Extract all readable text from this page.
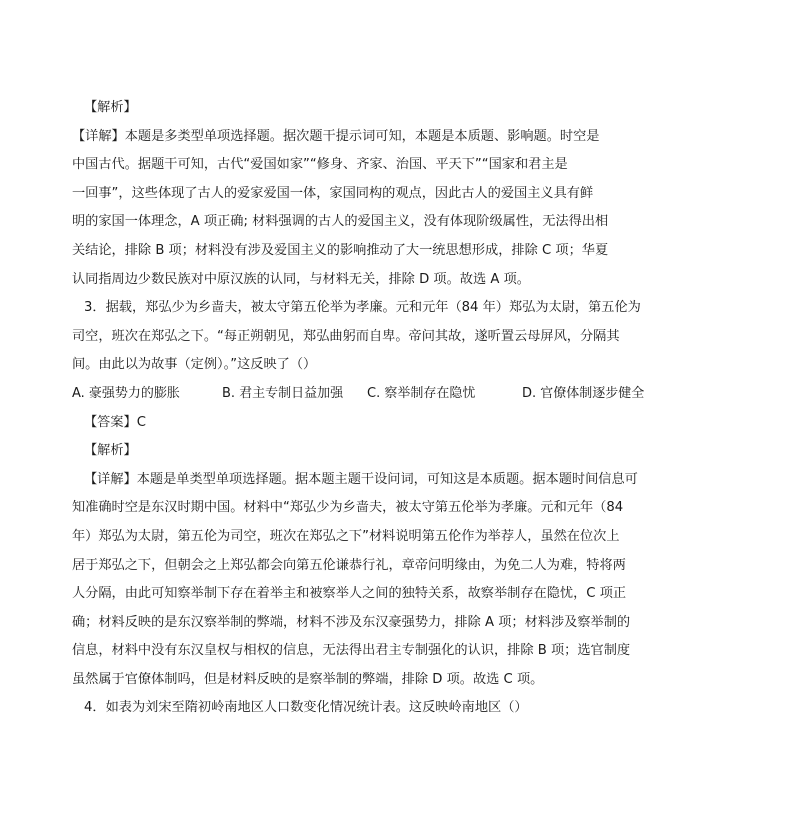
【解析】
【详解】本题是多类型单项选择题。据次题干提示词可知，本题是本质题、影响题。时空是
中国古代。据题干可知，古代“爱国如家”“修身、齐家、治国、平天下”“国家和君主是
一回事”，这些体现了古人的爱家爱国一体，家国同构的观点，因此古人的爱国主义具有鲜
明的家国一体理念，A 项正确; 材料强调的古人的爱国主义，没有体现阶级属性，无法得出相
关结论，排除 B 项；材料没有涉及爱国主义的影响推动了大一统思想形成，排除 C 项；华夏
认同指周边少数民族对中原汉族的认同，与材料无关，排除 D 项。故选 A 项。
3．据载，郑弘少为乡啬夫，被太守第五伦举为孝廉。元和元年（84 年）郑弘为太尉，第五伦为
司空，班次在郑弘之下。“每正朔朝见，郑弘曲躬而自卑。帝问其故，遂听置云母屏风，分隔其
间。由此以为故事（定例）。”这反映了（）
A. 豪强势力的膨胀	B. 君主专制日益加强 C. 察举制存在隐忧	D. 官僚体制逐步健全
【答案】C
【解析】
【详解】本题是单类型单项选择题。据本题主题干设问词，可知这是本质题。据本题时间信息可
知准确时空是东汉时期中国。材料中“郑弘少为乡啬夫，被太守第五伦举为孝廉。元和元年（84
年）郑弘为太尉，第五伦为司空，班次在郑弘之下”材料说明第五伦作为举荐人，虽然在位次上
居于郑弘之下，但朝会之上郑弘都会向第五伦谦恭行礼，章帝问明缘由，为免二人为难，特将两
人分隔，由此可知察举制下存在着举主和被察举人之间的独特关系，故察举制存在隐忧，C 项正
确；材料反映的是东汉察举制的弊端，材料不涉及东汉豪强势力，排除 A 项；材料涉及察举制的
信息，材料中没有东汉皇权与相权的信息，无法得出君主专制强化的认识，排除 B 项；选官制度
虽然属于官僚体制吗，但是材料反映的是察举制的弊端，排除 D 项。故选 C 项。
4．如表为刘宋至隋初岭南地区人口数变化情况统计表。这反映岭南地区（）
